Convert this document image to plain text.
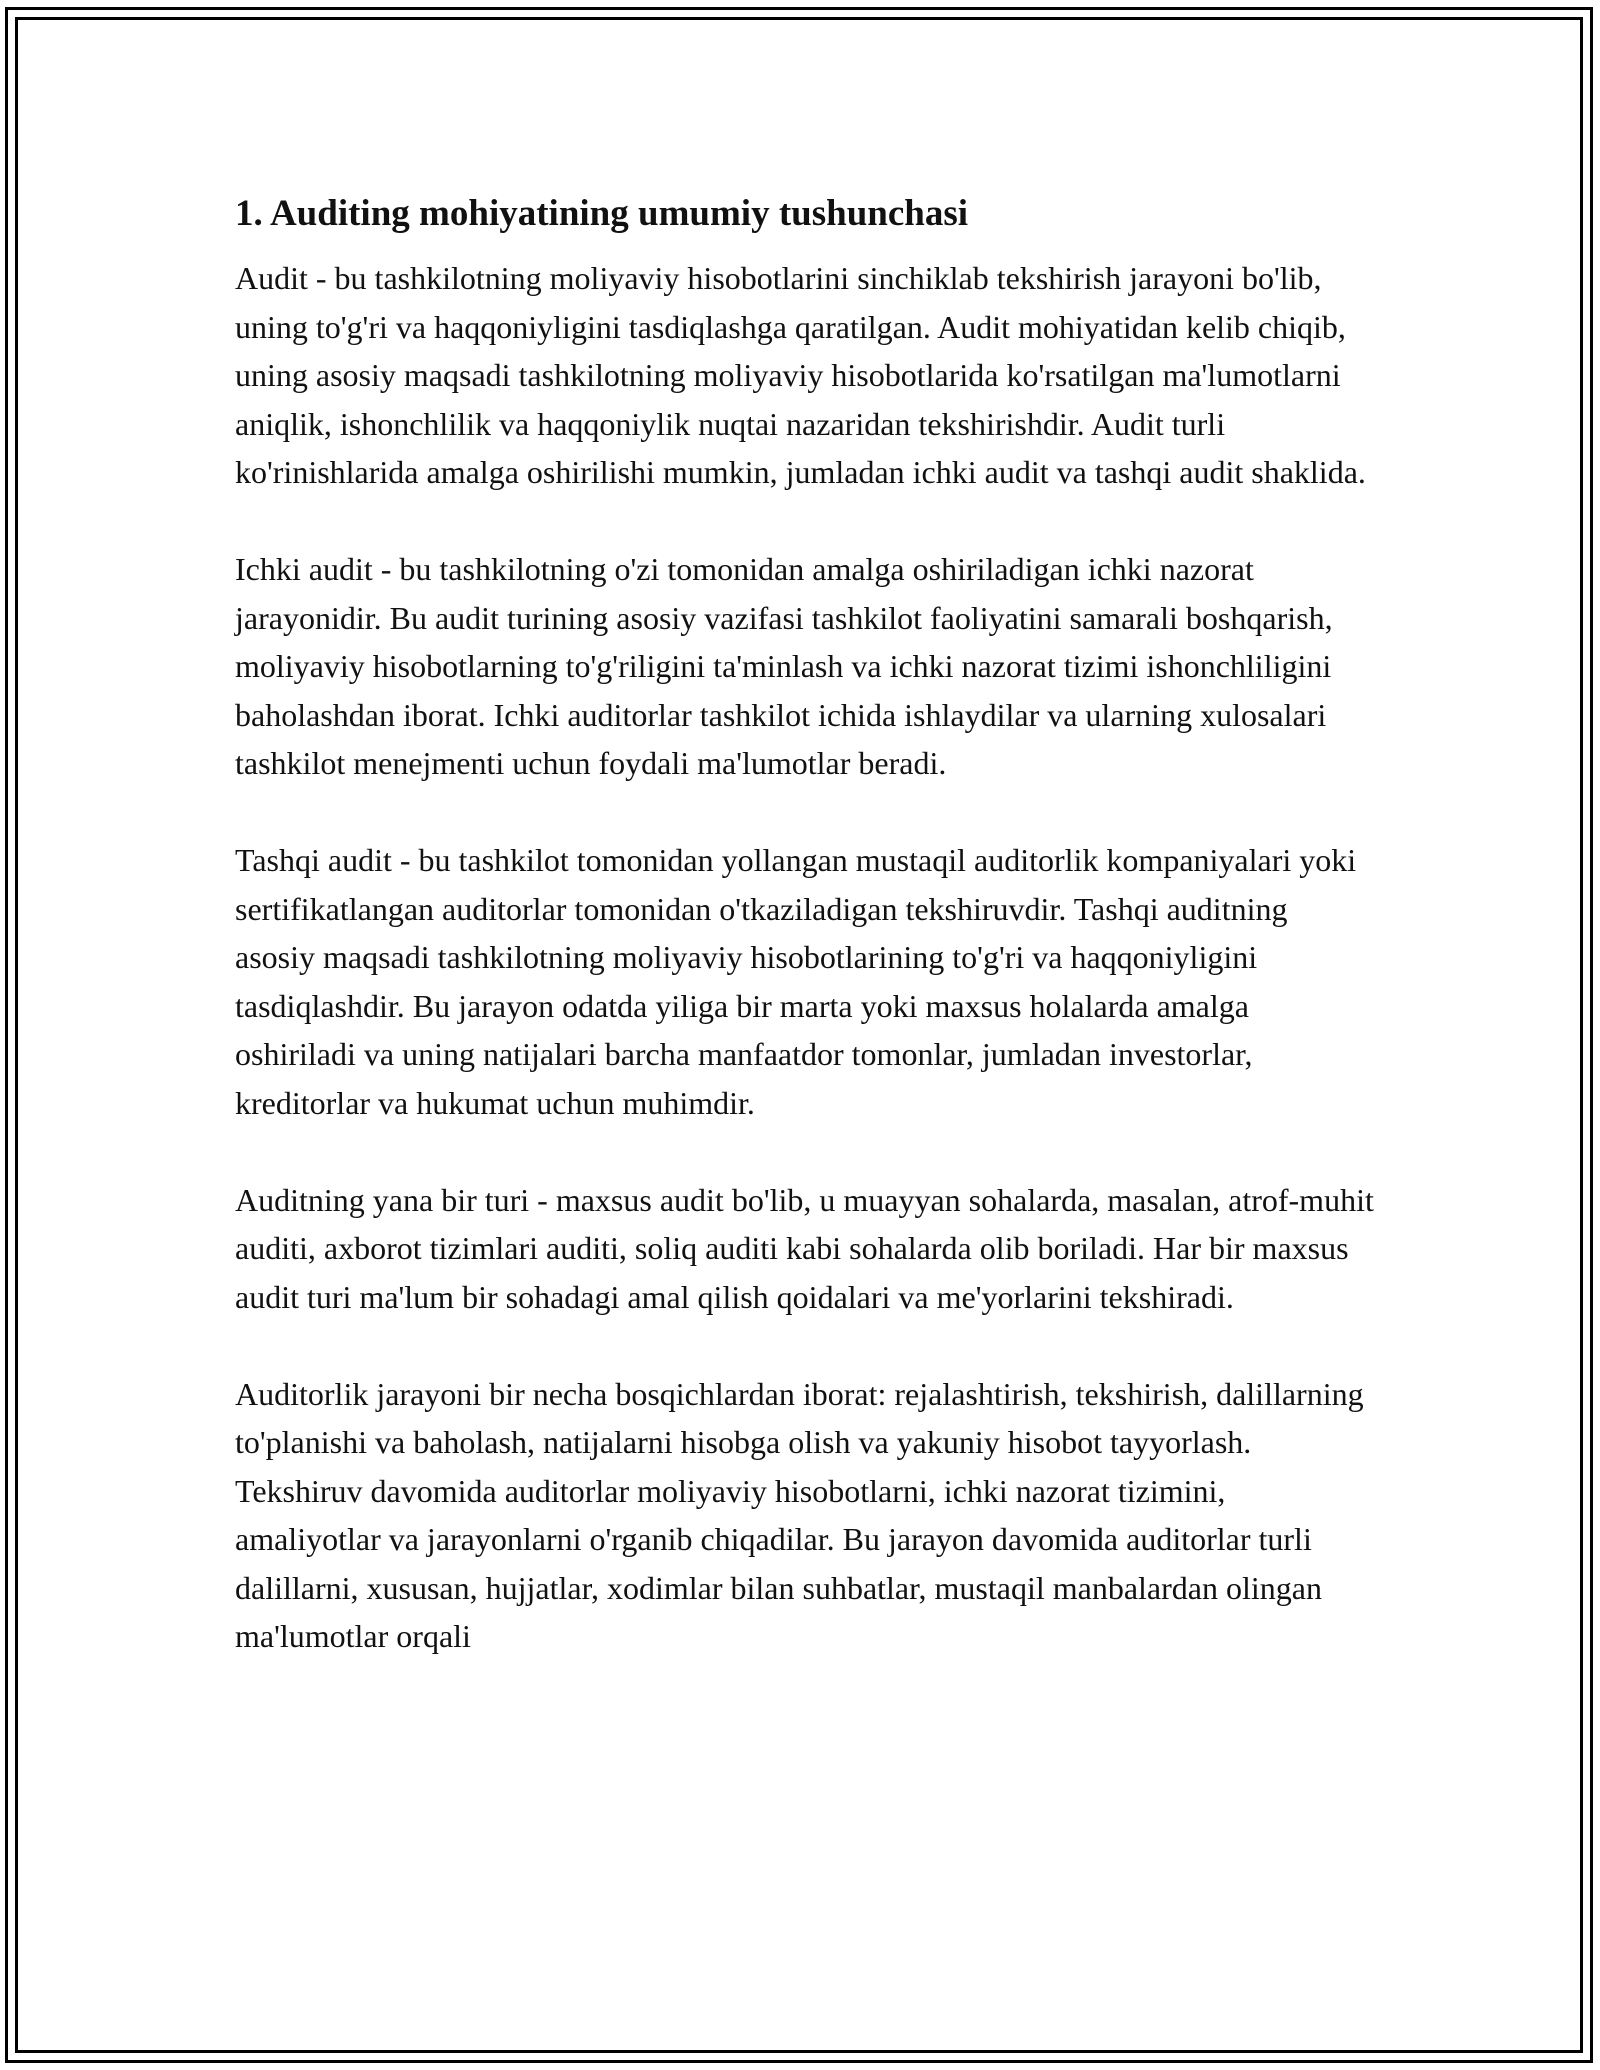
1. Auditing mohiyatining umumiy tushunchasi

Audit - bu tashkilotning moliyaviy hisobotlarini sinchiklab tekshirish jarayoni bo'lib, uning to'g'ri va haqqoniyligini tasdiqlashga qaratilgan. Audit mohiyatidan kelib chiqib, uning asosiy maqsadi tashkilotning moliyaviy hisobotlarida ko'rsatilgan ma'lumotlarni aniqlik, ishonchlilik va haqqoniylik nuqtai nazaridan tekshirishdir. Audit turli ko'rinishlarida amalga oshirilishi mumkin, jumladan ichki audit va tashqi audit shaklida.

Ichki audit - bu tashkilotning o'zi tomonidan amalga oshiriladigan ichki nazorat jarayonidir. Bu audit turining asosiy vazifasi tashkilot faoliyatini samarali boshqarish, moliyaviy hisobotlarning to'g'riligini ta'minlash va ichki nazorat tizimi ishonchliligini baholashdan iborat. Ichki auditorlar tashkilot ichida ishlaydilar va ularning xulosalari tashkilot menejmenti uchun foydali ma'lumotlar beradi.

Tashqi audit - bu tashkilot tomonidan yollangan mustaqil auditorlik kompaniyalari yoki sertifikatlangan auditorlar tomonidan o'tkaziladigan tekshiruvdir. Tashqi auditning asosiy maqsadi tashkilotning moliyaviy hisobotlarining to'g'ri va haqqoniyligini tasdiqlashdir. Bu jarayon odatda yiliga bir marta yoki maxsus holalarda amalga oshiriladi va uning natijalari barcha manfaatdor tomonlar, jumladan investorlar, kreditorlar va hukumat uchun muhimdir.

Auditning yana bir turi - maxsus audit bo'lib, u muayyan sohalarda, masalan, atrof-muhit auditi, axborot tizimlari auditi, soliq auditi kabi sohalarda olib boriladi. Har bir maxsus audit turi ma'lum bir sohadagi amal qilish qoidalari va me'yorlarini tekshiradi.

Auditorlik jarayoni bir necha bosqichlardan iborat: rejalashtirish, tekshirish, dalillarning to'planishi va baholash, natijalarni hisobga olish va yakuniy hisobot tayyorlash. Tekshiruv davomida auditorlar moliyaviy hisobotlarni, ichki nazorat tizimini, amaliyotlar va jarayonlarni o'rganib chiqadilar. Bu jarayon davomida auditorlar turli dalillarni, xususan, hujjatlar, xodimlar bilan suhbatlar, mustaqil manbalardan olingan ma'lumotlar orqali
